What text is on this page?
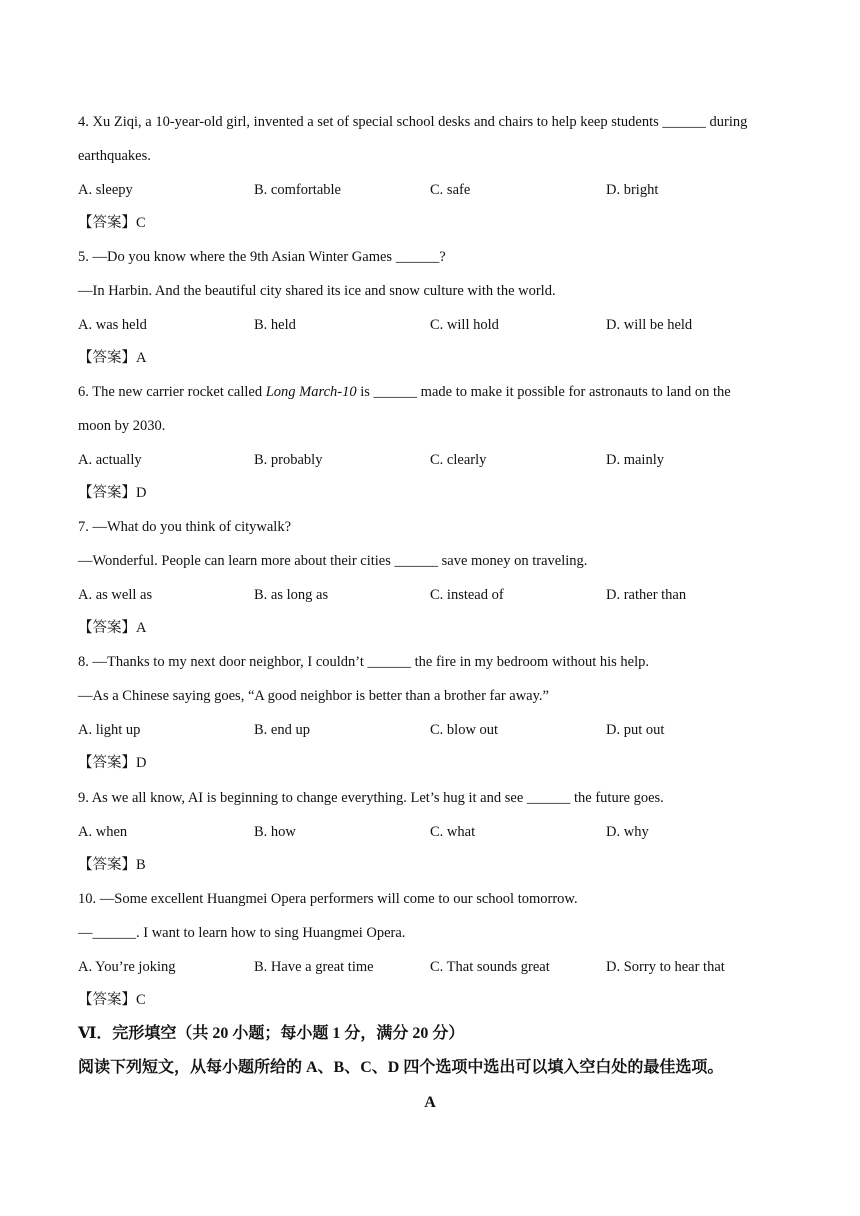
4. Xu Ziqi, a 10-year-old girl, invented a set of special school desks and chairs to help keep students ______ during
earthquakes.
A. sleepy	B. comfortable	C. safe	D. bright
【答案】C
5. —Do you know where the 9th Asian Winter Games ______?
—In Harbin. And the beautiful city shared its ice and snow culture with the world.
A. was held	B. held	C. will hold	D. will be held
【答案】A
6. The new carrier rocket called Long March-10 is ______ made to make it possible for astronauts to land on the
moon by 2030.
A. actually	B. probably	C. clearly	D. mainly
【答案】D
7. —What do you think of citywalk?
—Wonderful. People can learn more about their cities ______ save money on traveling.
A. as well as	B. as long as	C. instead of	D. rather than
【答案】A
8. —Thanks to my next door neighbor, I couldn’t ______ the fire in my bedroom without his help.
—As a Chinese saying goes, “A good neighbor is better than a brother far away.”
A. light up	B. end up	C. blow out	D. put out
【答案】D
9. As we all know, AI is beginning to change everything. Let’s hug it and see ______ the future goes.
A. when	B. how	C. what	D. why
【答案】B
10. —Some excellent Huangmei Opera performers will come to our school tomorrow.
—______. I want to learn how to sing Huangmei Opera.
A. You’re joking	B. Have a great time	C. That sounds great	D. Sorry to hear that
【答案】C
Ⅵ．完形填空（共 20 小题；每小题 1 分，满分 20 分）
阅读下列短文，从每小题所给的 A、B、C、D 四个选项中选出可以填入空白处的最佳选项。
A
